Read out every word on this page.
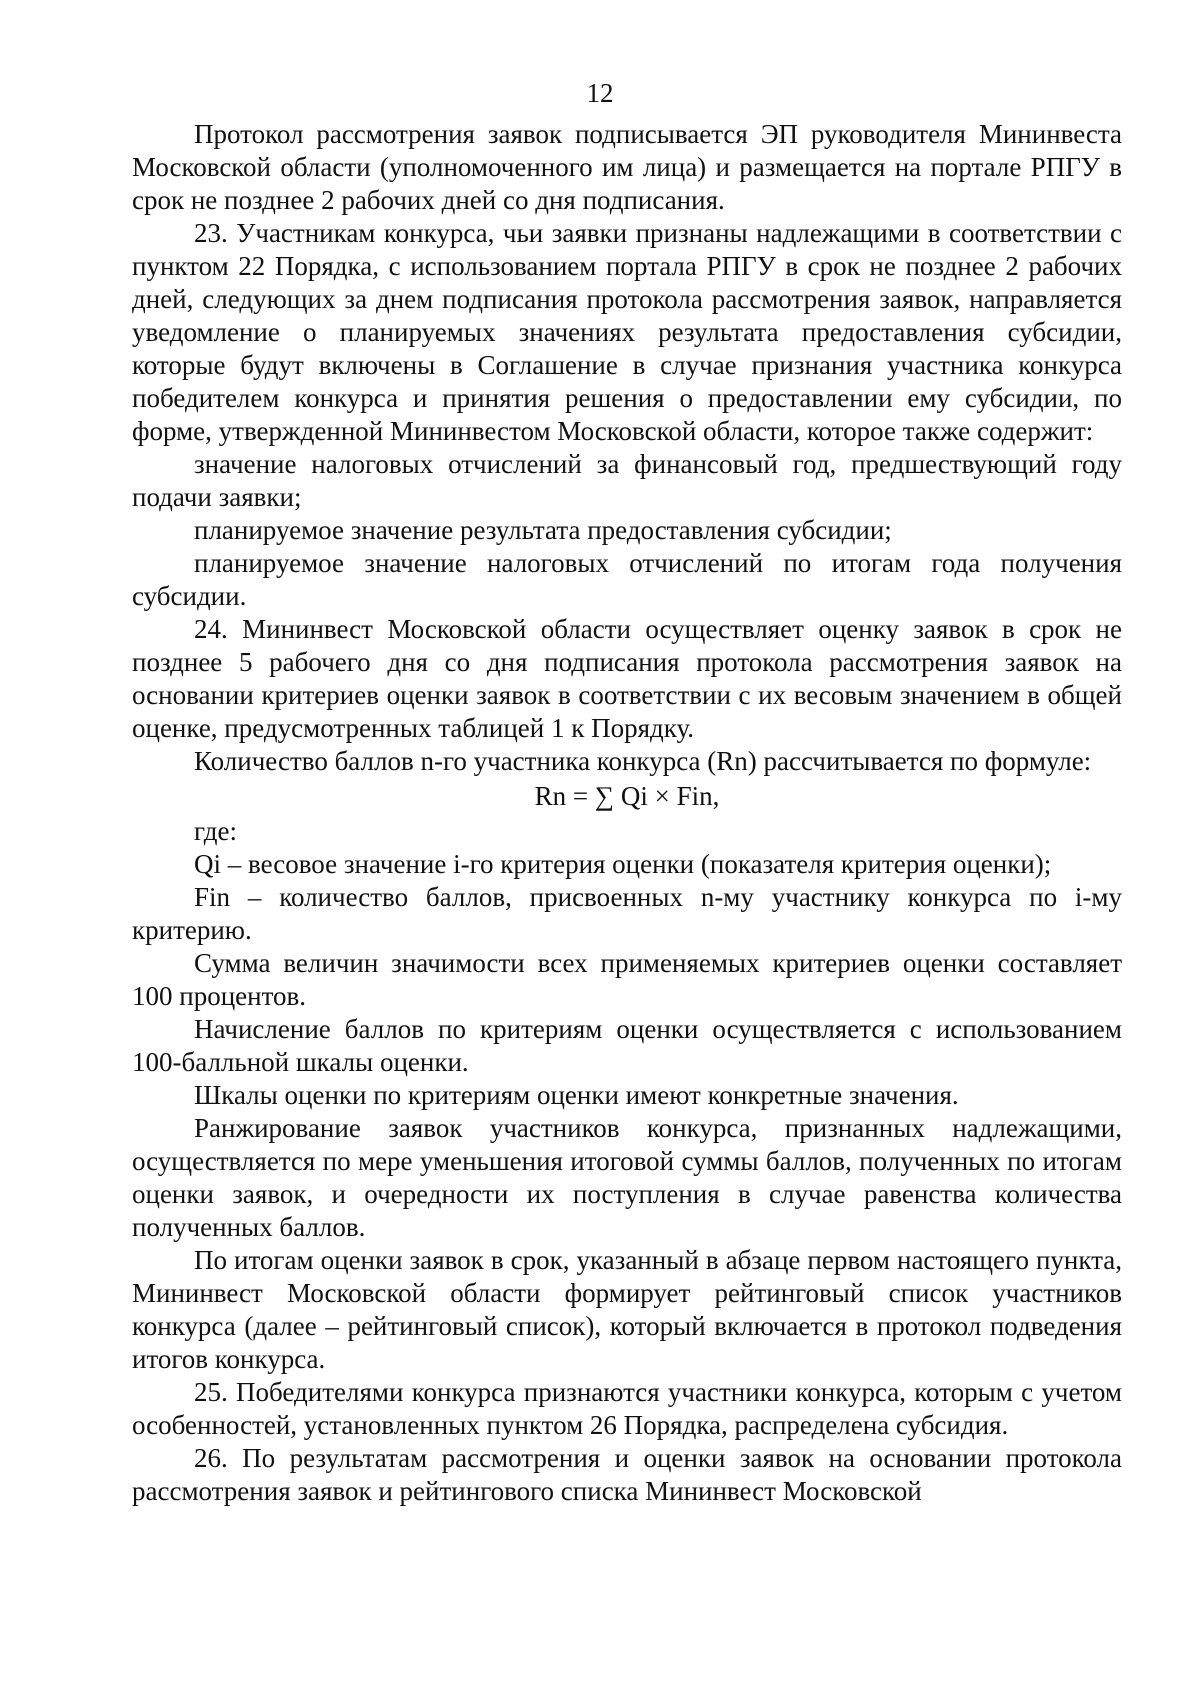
12

Протокол рассмотрения заявок подписывается ЭП руководителя Мининвеста Московской области (уполномоченного им лица) и размещается на портале РПГУ в срок не позднее 2 рабочих дней со дня подписания.

23. Участникам конкурса, чьи заявки признаны надлежащими в соответствии с пунктом 22 Порядка, с использованием портала РПГУ в срок не позднее 2 рабочих дней, следующих за днем подписания протокола рассмотрения заявок, направляется уведомление о планируемых значениях результата предоставления субсидии, которые будут включены в Соглашение в случае признания участника конкурса победителем конкурса и принятия решения о предоставлении ему субсидии, по форме, утвержденной Мининвестом Московской области, которое также содержит:

значение налоговых отчислений за финансовый год, предшествующий году подачи заявки;

планируемое значение результата предоставления субсидии;

планируемое значение налоговых отчислений по итогам года получения субсидии.

24. Мининвест Московской области осуществляет оценку заявок в срок не позднее 5 рабочего дня со дня подписания протокола рассмотрения заявок на основании критериев оценки заявок в соответствии с их весовым значением в общей оценке, предусмотренных таблицей 1 к Порядку.

Количество баллов n-го участника конкурса (Rn) рассчитывается по формуле:

Rn = ∑ Qi × Fin,

где:

Qi – весовое значение i-го критерия оценки (показателя критерия оценки);

Fin – количество баллов, присвоенных n-му участнику конкурса по i-му критерию.

Сумма величин значимости всех применяемых критериев оценки составляет 100 процентов.

Начисление баллов по критериям оценки осуществляется с использованием 100-балльной шкалы оценки.

Шкалы оценки по критериям оценки имеют конкретные значения.

Ранжирование заявок участников конкурса, признанных надлежащими, осуществляется по мере уменьшения итоговой суммы баллов, полученных по итогам оценки заявок, и очередности их поступления в случае равенства количества полученных баллов.

По итогам оценки заявок в срок, указанный в абзаце первом настоящего пункта, Мининвест Московской области формирует рейтинговый список участников конкурса (далее – рейтинговый список), который включается в протокол подведения итогов конкурса.

25. Победителями конкурса признаются участники конкурса, которым с учетом особенностей, установленных пунктом 26 Порядка, распределена субсидия.

26. По результатам рассмотрения и оценки заявок на основании протокола рассмотрения заявок и рейтингового списка Мининвест Московской
